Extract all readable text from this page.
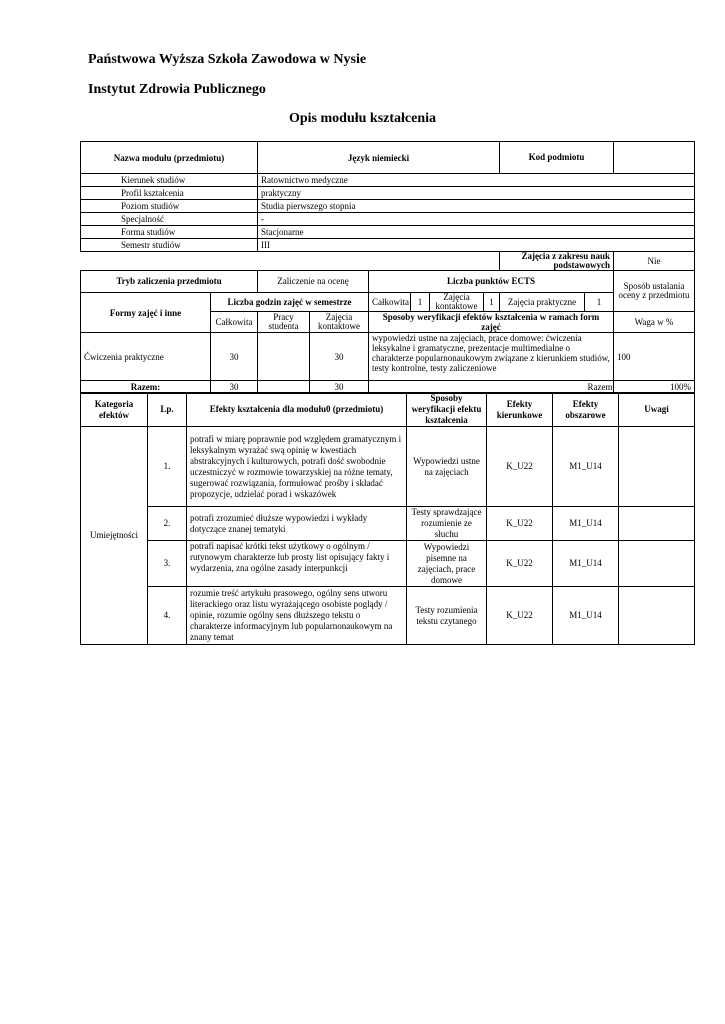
Państwowa Wyższa Szkoła Zawodowa w Nysie
Instytut Zdrowia Publicznego
Opis modułu kształcenia
Nazwa modułu (przedmiotu)		Język niemiecki						Kod podmiotu		
Kierunek studiów		Ratownictwo medyczne								
Profil kształcenia		praktyczny								
Poziom studiów		Studia pierwszego stopnia								
Specjalność		-								
Forma studiów		Stacjonarne								
Semestr studiów		III								
								Zajęcia z zakresu nauk podstawowych		Nie
Tryb zaliczenia przedmiotu		Zaliczenie na ocenę		Liczba punktów ECTS						Sposób ustalania oceny z przedmiotu
Formy zajęć i inne	Liczba godzin zajęć w semestrze			Całkowita	1	Zajęcia kontaktowe	1	Zajęcia praktyczne	1	
	Całkowita	Pracy studenta	Zajęcia kontaktowe	Sposoby weryfikacji efektów kształcenia w ramach form zajęć						Waga w %
Ćwiczenia praktyczne	30		30	wypowiedzi ustne na zajęciach, prace domowe: ćwiczenia leksykalne i gramatyczne, prezentacje multimedialne o charakterze popularnonaukowym związane z kierunkiem studiów, testy kontrolne, testy zaliczeniowe						100
Razem:	30		30						Razem	100%
Kategoria efektów	Lp.	Efekty kształcenia dla modułu0 (przedmiotu)	Sposoby weryfikacji efektu kształcenia	Efekty kierunkowe	Efekty obszarowe	Uwagi
Umiejętności	1.	potrafi w miarę poprawnie pod względem gramatycznym i leksykalnym wyrażać swą opinię w kwestiach abstrakcyjnych i kulturowych, potrafi dość swobodnie uczestniczyć w rozmowie towarzyskiej na różne tematy, sugerować rozwiązania, formułować prośby i składać propozycje, udzielać porad i wskazówek	Wypowiedzi ustne na zajęciach	K_U22	M1_U14	
	2.	potrafi zrozumieć dłuższe wypowiedzi i wykłady dotyczące znanej tematyki	Testy sprawdzające rozumienie ze słuchu	K_U22	M1_U14	
	3.	potrafi napisać krótki tekst użytkowy o ogólnym / rutynowym charakterze lub prosty list opisujący fakty i wydarzenia, zna ogólne zasady interpunkcji	Wypowiedzi pisemne na zajęciach, prace domowe	K_U22	M1_U14	
	4.	rozumie treść artykułu prasowego, ogólny sens utworu literackiego oraz listu wyrażającego osobiste poglądy / opinie, rozumie ogólny sens dłuższego tekstu o charakterze informacyjnym lub popularnonaukowym na znany temat	Testy rozumienia tekstu czytanego	K_U22	M1_U14	
